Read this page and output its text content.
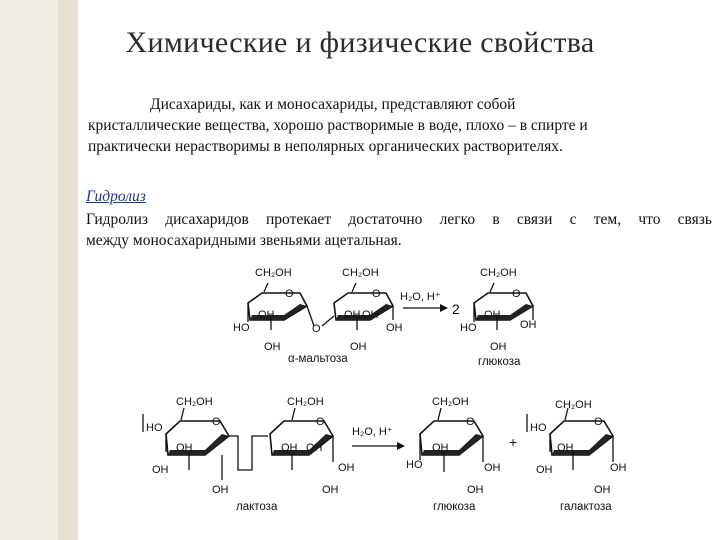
Химические и физические свойства
Дисахариды, как и моносахариды, представляют собой
кристаллические вещества, хорошо растворимые в воде, плохо – в спирте и
практически нерастворимы в неполярных органических растворителях.
Гидролиз
Гидролиз дисахаридов протекает достаточно легко в связи с тем, что связь
между моносахаридными звеньями ацетальная.
CH₂OH
O
HO
OH
OH
O
CH₂OH
O
OH
OH
OH
OH
α-мальтоза
H₂O, H⁺
2
CH₂OH
O
HO
OH
OH
OH
глюкоза
HO
CH₂OH
O
OH
OH
OH
CH₂OH
O
OH
OH
OH
OH
лактоза
H₂O, H⁺
CH₂OH
O
HO
OH
OH
OH
глюкоза
+
HO
CH₂OH
O
OH
OH
OH
OH
галактоза
